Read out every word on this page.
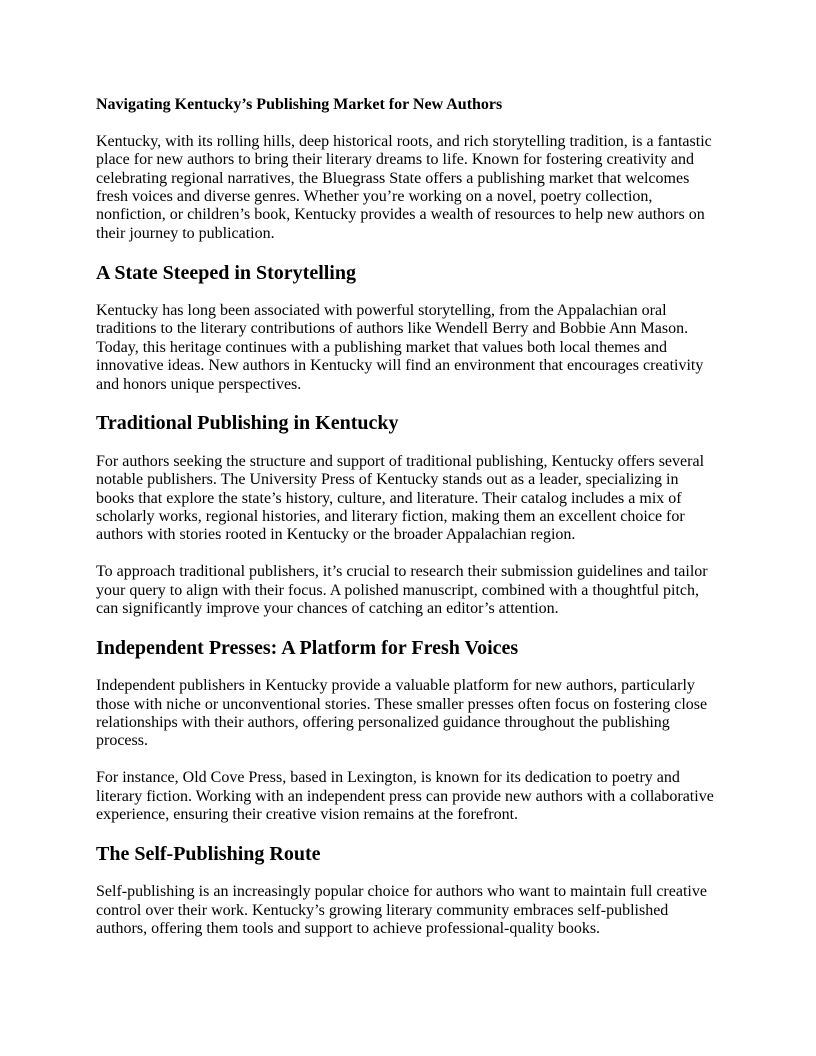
Navigating Kentucky’s Publishing Market for New Authors

Kentucky, with its rolling hills, deep historical roots, and rich storytelling tradition, is a fantastic place for new authors to bring their literary dreams to life. Known for fostering creativity and celebrating regional narratives, the Bluegrass State offers a publishing market that welcomes fresh voices and diverse genres. Whether you’re working on a novel, poetry collection, nonfiction, or children’s book, Kentucky provides a wealth of resources to help new authors on their journey to publication.

A State Steeped in Storytelling

Kentucky has long been associated with powerful storytelling, from the Appalachian oral traditions to the literary contributions of authors like Wendell Berry and Bobbie Ann Mason. Today, this heritage continues with a publishing market that values both local themes and innovative ideas. New authors in Kentucky will find an environment that encourages creativity and honors unique perspectives.

Traditional Publishing in Kentucky

For authors seeking the structure and support of traditional publishing, Kentucky offers several notable publishers. The University Press of Kentucky stands out as a leader, specializing in books that explore the state’s history, culture, and literature. Their catalog includes a mix of scholarly works, regional histories, and literary fiction, making them an excellent choice for authors with stories rooted in Kentucky or the broader Appalachian region.

To approach traditional publishers, it’s crucial to research their submission guidelines and tailor your query to align with their focus. A polished manuscript, combined with a thoughtful pitch, can significantly improve your chances of catching an editor’s attention.

Independent Presses: A Platform for Fresh Voices

Independent publishers in Kentucky provide a valuable platform for new authors, particularly those with niche or unconventional stories. These smaller presses often focus on fostering close relationships with their authors, offering personalized guidance throughout the publishing process.

For instance, Old Cove Press, based in Lexington, is known for its dedication to poetry and literary fiction. Working with an independent press can provide new authors with a collaborative experience, ensuring their creative vision remains at the forefront.

The Self-Publishing Route

Self-publishing is an increasingly popular choice for authors who want to maintain full creative control over their work. Kentucky’s growing literary community embraces self-published authors, offering them tools and support to achieve professional-quality books.
